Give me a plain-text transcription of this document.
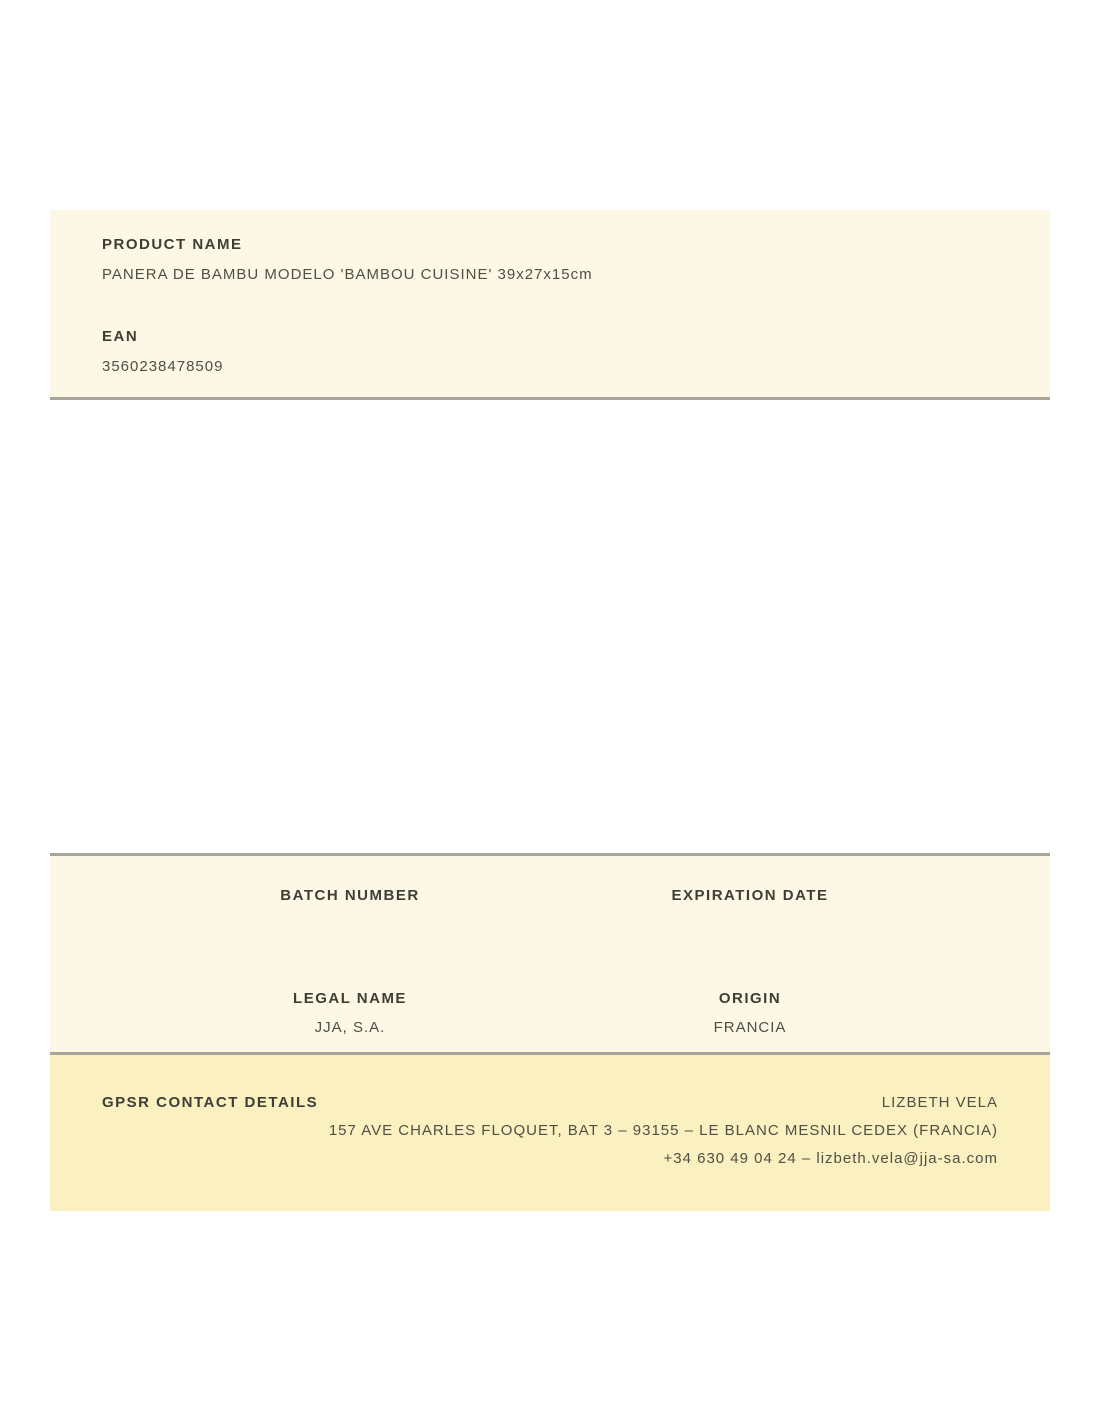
PRODUCT NAME
PANERA DE BAMBU MODELO 'BAMBOU CUISINE' 39x27x15cm
EAN
3560238478509
BATCH NUMBER
LEGAL NAME
JJA, S.A.
EXPIRATION DATE
ORIGIN
FRANCIA
GPSR CONTACT DETAILS	LIZBETH VELA
157 AVE CHARLES FLOQUET, BAT 3 – 93155 – LE BLANC MESNIL CEDEX (FRANCIA)
+34 630 49 04 24 – lizbeth.vela@jja-sa.com
